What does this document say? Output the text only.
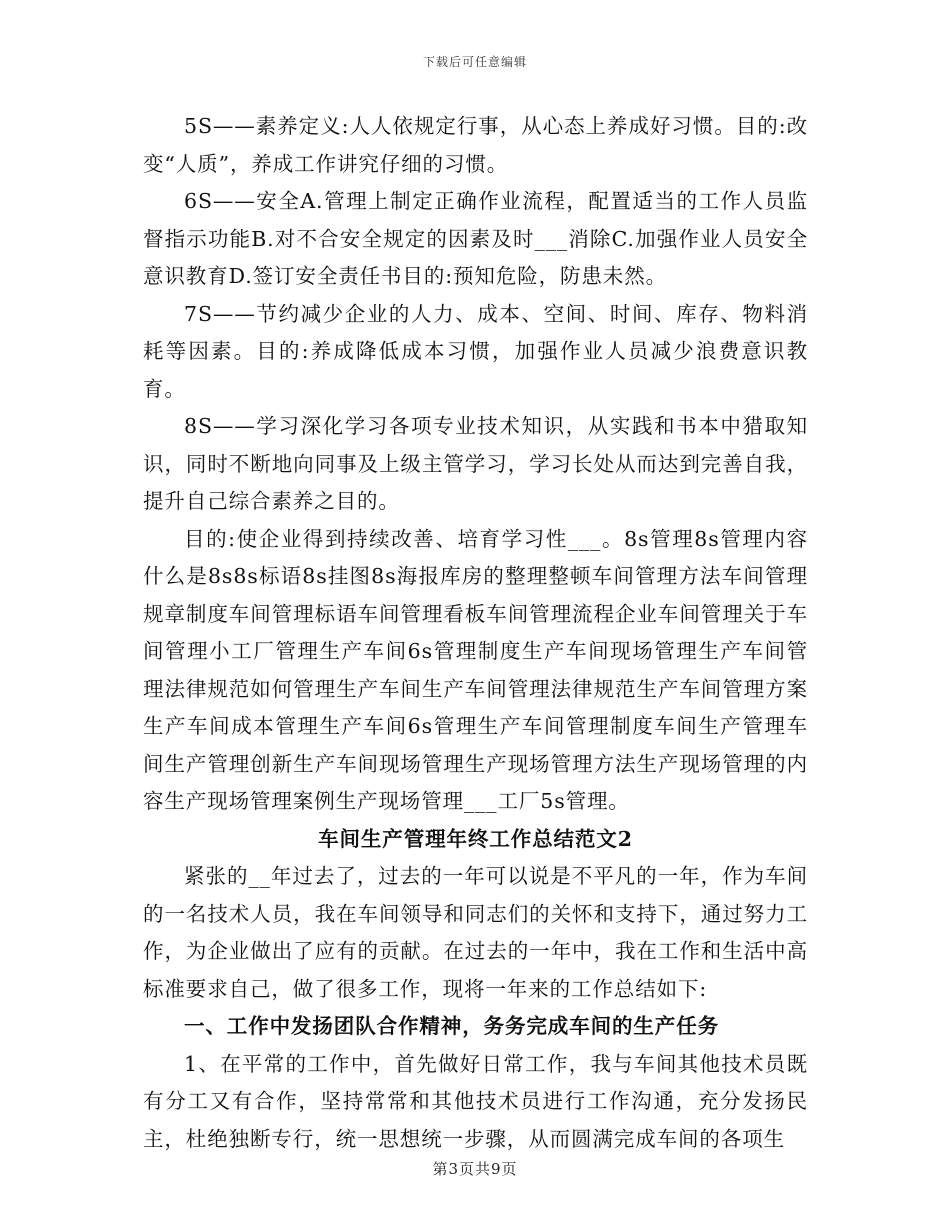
下载后可任意编辑

5S——素养定义:人人依规定行事，从心态上养成好习惯。目的:改变“人质”，养成工作讲究仔细的习惯。

6S——安全A.管理上制定正确作业流程，配置适当的工作人员监督指示功能B.对不合安全规定的因素及时___消除C.加强作业人员安全意识教育D.签订安全责任书目的:预知危险，防患未然。

7S——节约减少企业的人力、成本、空间、时间、库存、物料消耗等因素。目的:养成降低成本习惯，加强作业人员减少浪费意识教育。

8S——学习深化学习各项专业技术知识，从实践和书本中猎取知识，同时不断地向同事及上级主管学习，学习长处从而达到完善自我，提升自己综合素养之目的。

目的:使企业得到持续改善、培育学习性___。8s管理8s管理内容什么是8s8s标语8s挂图8s海报库房的整理整顿车间管理方法车间管理规章制度车间管理标语车间管理看板车间管理流程企业车间管理关于车间管理小工厂管理生产车间6s管理制度生产车间现场管理生产车间管理法律规范如何管理生产车间生产车间管理法律规范生产车间管理方案生产车间成本管理生产车间6s管理生产车间管理制度车间生产管理车间生产管理创新生产车间现场管理生产现场管理方法生产现场管理的内容生产现场管理案例生产现场管理___工厂5s管理。

车间生产管理年终工作总结范文2

紧张的__年过去了，过去的一年可以说是不平凡的一年，作为车间的一名技术人员，我在车间领导和同志们的关怀和支持下，通过努力工作，为企业做出了应有的贡献。在过去的一年中，我在工作和生活中高标准要求自己，做了很多工作，现将一年来的工作总结如下:

一、工作中发扬团队合作精神，务务完成车间的生产任务

1、在平常的工作中，首先做好日常工作，我与车间其他技术员既有分工又有合作，坚持常常和其他技术员进行工作沟通，充分发扬民主，杜绝独断专行，统一思想统一步骤，从而圆满完成车间的各项生

第3页共9页
